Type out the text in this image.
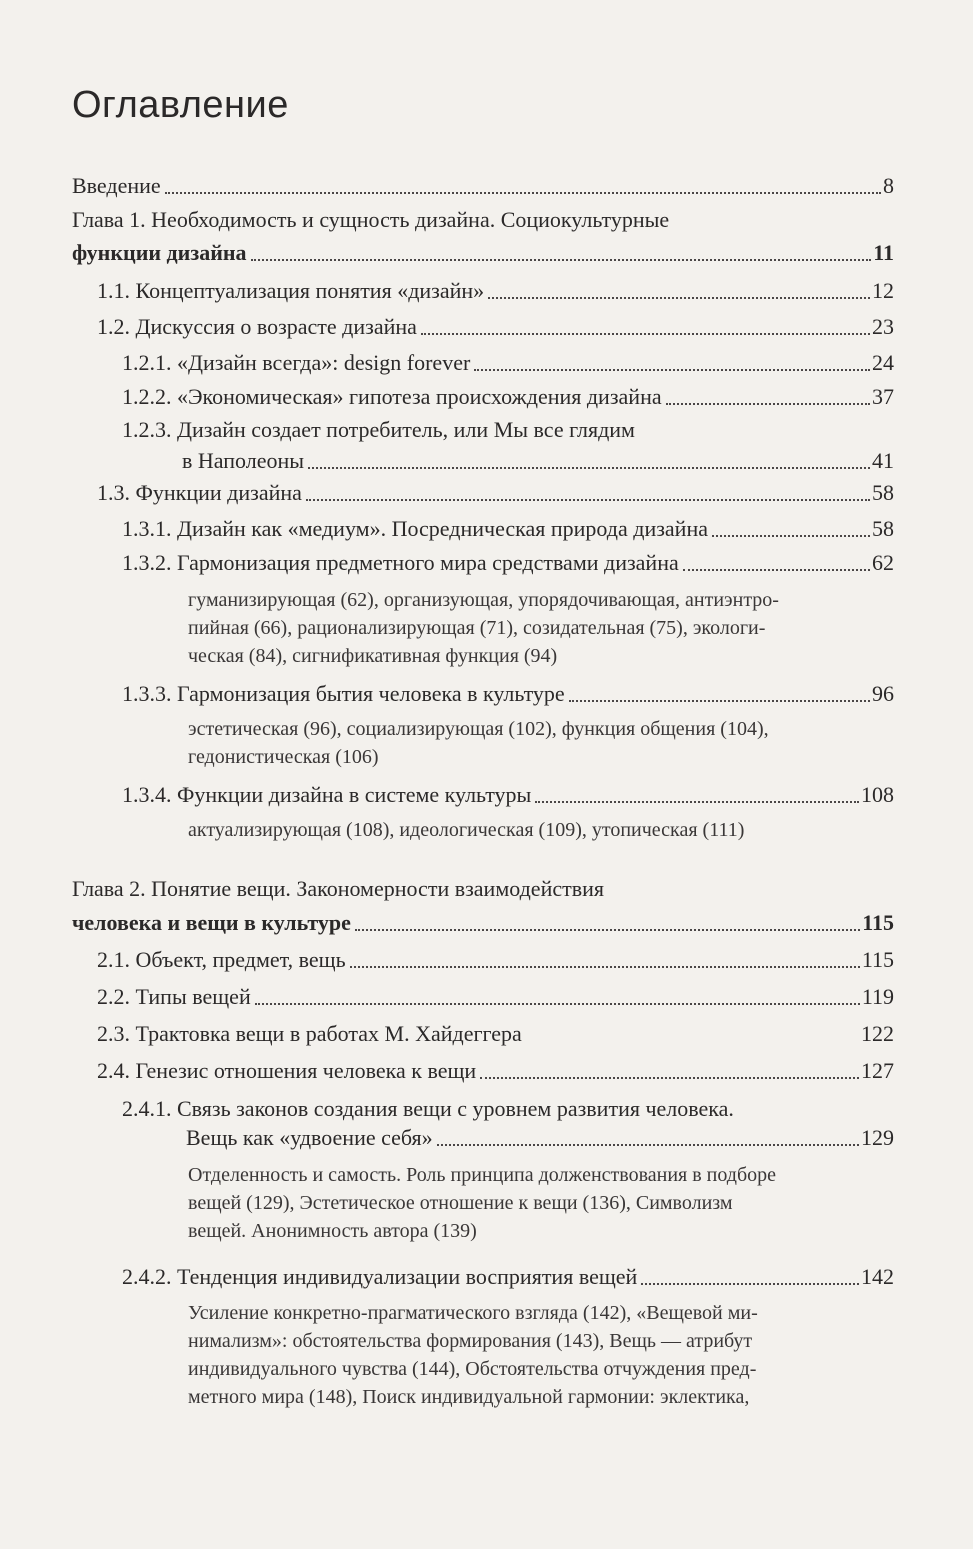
Оглавление
Введение	8
Глава 1. Необходимость и сущность дизайна. Социокультурные
функции дизайна	11
1.1. Концептуализация понятия «дизайн»	12
1.2. Дискуссия о возрасте дизайна	23
1.2.1. «Дизайн всегда»: design forever	24
1.2.2. «Экономическая» гипотеза происхождения дизайна	37
1.2.3. Дизайн создает потребитель, или Мы все глядим
в Наполеоны	41
1.3. Функции дизайна	58
1.3.1. Дизайн как «медиум». Посредническая природа дизайна	58
1.3.2. Гармонизация предметного мира средствами дизайна	62
гуманизирующая (62), организующая, упорядочивающая, антиэнтро-
пийная (66), рационализирующая (71), созидательная (75), экологи-
ческая (84), сигнификативная функция (94)
1.3.3. Гармонизация бытия человека в культуре	96
эстетическая (96), социализирующая (102), функция общения (104),
гедонистическая (106)
1.3.4. Функции дизайна в системе культуры	108
актуализирующая (108), идеологическая (109), утопическая (111)
Глава 2. Понятие вещи. Закономерности взаимодействия
человека и вещи в культуре	115
2.1. Объект, предмет, вещь	115
2.2. Типы вещей	119
2.3. Трактовка вещи в работах М. Хайдеггера	122
2.4. Генезис отношения человека к вещи	127
2.4.1. Связь законов создания вещи с уровнем развития человека.
Вещь как «удвоение себя»	129
Отделенность и самость. Роль принципа долженствования в подборе
вещей (129), Эстетическое отношение к вещи (136), Символизм
вещей. Анонимность автора (139)
2.4.2. Тенденция индивидуализации восприятия вещей	142
Усиление конкретно-прагматического взгляда (142), «Вещевой ми-
нимализм»: обстоятельства формирования (143), Вещь — атрибут
индивидуального чувства (144), Обстоятельства отчуждения пред-
метного мира (148), Поиск индивидуальной гармонии: эклектика,
